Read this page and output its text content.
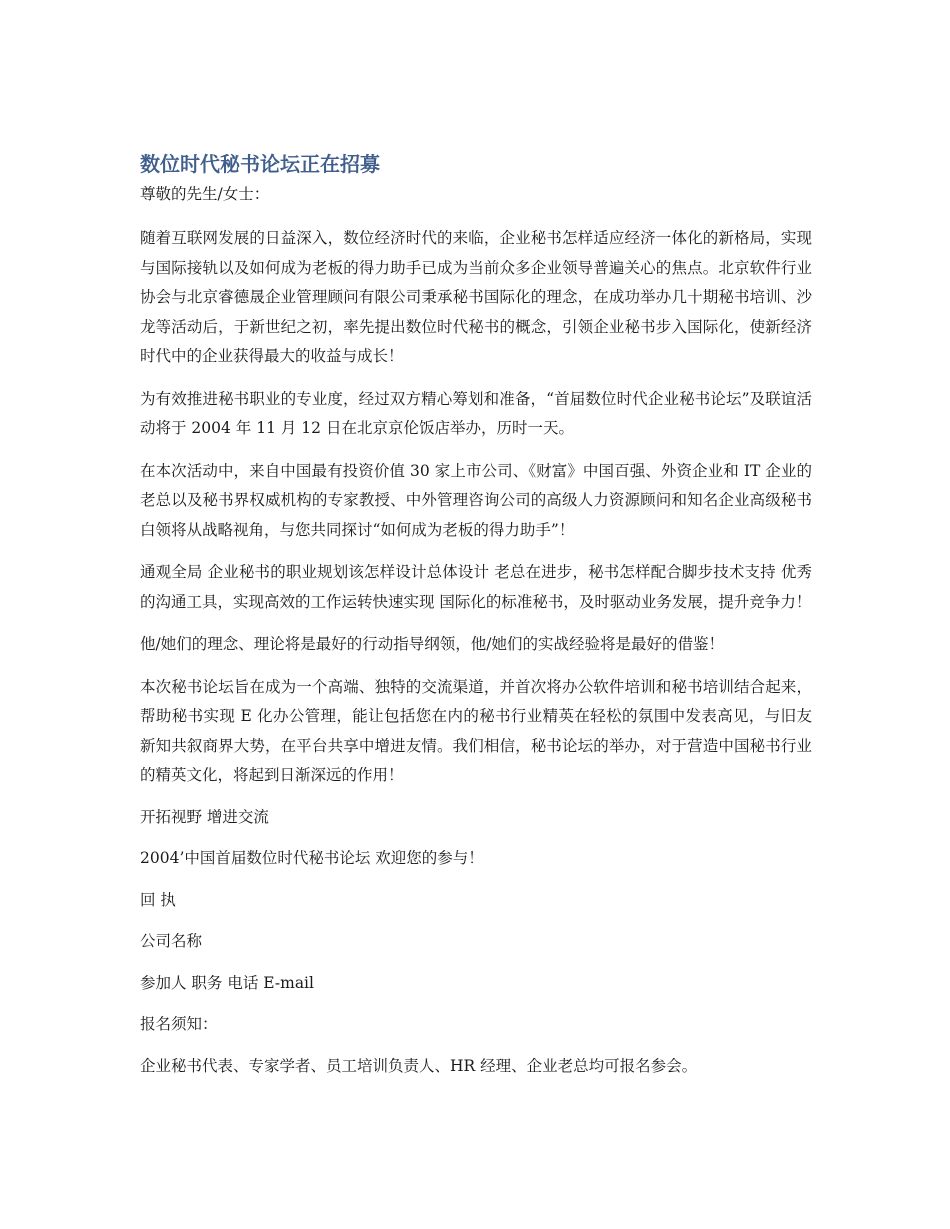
数位时代秘书论坛正在招募

尊敬的先生/女士：

随着互联网发展的日益深入，数位经济时代的来临，企业秘书怎样适应经济一体化的新格局，实现与国际接轨以及如何成为老板的得力助手已成为当前众多企业领导普遍关心的焦点。北京软件行业协会与北京睿德晟企业管理顾问有限公司秉承秘书国际化的理念，在成功举办几十期秘书培训、沙龙等活动后，于新世纪之初，率先提出数位时代秘书的概念，引领企业秘书步入国际化，使新经济时代中的企业获得最大的收益与成长！

为有效推进秘书职业的专业度，经过双方精心筹划和准备，“首届数位时代企业秘书论坛”及联谊活动将于 2004 年 11 月 12 日在北京京伦饭店举办，历时一天。

在本次活动中，来自中国最有投资价值 30 家上市公司、《财富》中国百强、外资企业和 IT 企业的老总以及秘书界权威机构的专家教授、中外管理咨询公司的高级人力资源顾问和知名企业高级秘书白领将从战略视角，与您共同探讨“如何成为老板的得力助手”！

通观全局 企业秘书的职业规划该怎样设计总体设计 老总在进步，秘书怎样配合脚步技术支持 优秀的沟通工具，实现高效的工作运转快速实现 国际化的标准秘书，及时驱动业务发展，提升竞争力！

他/她们的理念、理论将是最好的行动指导纲领，他/她们的实战经验将是最好的借鉴！

本次秘书论坛旨在成为一个高端、独特的交流渠道，并首次将办公软件培训和秘书培训结合起来，帮助秘书实现 E 化办公管理，能让包括您在内的秘书行业精英在轻松的氛围中发表高见，与旧友新知共叙商界大势，在平台共享中增进友情。我们相信，秘书论坛的举办，对于营造中国秘书行业的精英文化，将起到日渐深远的作用！

开拓视野 增进交流

2004’中国首届数位时代秘书论坛 欢迎您的参与！

回 执

公司名称

参加人 职务 电话 E-mail

报名须知：

企业秘书代表、专家学者、员工培训负责人、HR 经理、企业老总均可报名参会。
